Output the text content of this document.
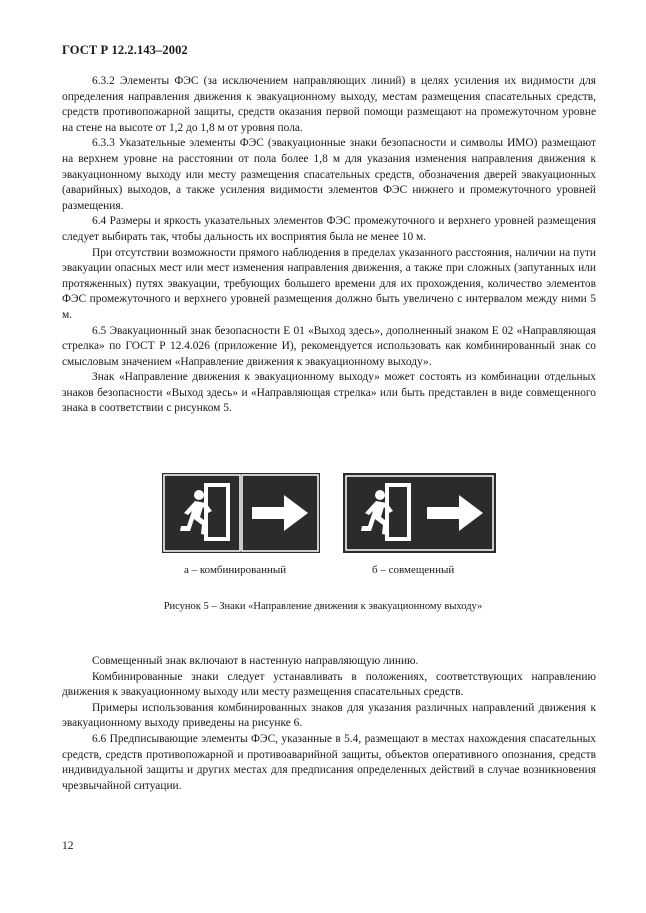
ГОСТ Р 12.2.143–2002

6.3.2 Элементы ФЭС (за исключением направляющих линий) в целях усиления их видимости для определения направления движения к эвакуационному выходу, местам размещения спасательных средств, средств противопожарной защиты, средств оказания первой помощи размещают на промежуточном уровне на стене на высоте от 1,2 до 1,8 м от уровня пола.

6.3.3 Указательные элементы ФЭС (эвакуационные знаки безопасности и символы ИМО) размещают на верхнем уровне на расстоянии от пола более 1,8 м для указания изменения направления движения к эвакуационному выходу или месту размещения спасательных средств, обозначения дверей эвакуационных (аварийных) выходов, а также усиления видимости элементов ФЭС нижнего и промежуточного уровней размещения.

6.4 Размеры и яркость указательных элементов ФЭС промежуточного и верхнего уровней размещения следует выбирать так, чтобы дальность их восприятия была не менее 10 м.

При отсутствии возможности прямого наблюдения в пределах указанного расстояния, наличии на пути эвакуации опасных мест или мест изменения направления движения, а также при сложных (запутанных или протяженных) путях эвакуации, требующих большего времени для их прохождения, количество элементов ФЭС промежуточного и верхнего уровней размещения должно быть увеличено с интервалом между ними 5 м.

6.5 Эвакуационный знак безопасности Е 01 «Выход здесь», дополненный знаком Е 02 «Направляющая стрелка» по ГОСТ Р 12.4.026 (приложение И), рекомендуется использовать как комбинированный знак со смысловым значением «Направление движения к эвакуационному выходу».

Знак «Направление движения к эвакуационному выходу» может состоять из комбинации отдельных знаков безопасности «Выход здесь» и «Направляющая стрелка» или быть представлен в виде совмещенного знака в соответствии с рисунком 5.

а – комбинированный	б – совмещенный
Рисунок 5 – Знаки «Направление движения к эвакуационному выходу»

Совмещенный знак включают в настенную направляющую линию.

Комбинированные знаки следует устанавливать в положениях, соответствующих направлению движения к эвакуационному выходу или месту размещения спасательных средств.

Примеры использования комбинированных знаков для указания различных направлений движения к эвакуационному выходу приведены на рисунке 6.

6.6 Предписывающие элементы ФЭС, указанные в 5.4, размещают в местах нахождения спасательных средств, средств противопожарной и противоаварийной защиты, объектов оперативного опознания, средств индивидуальной защиты и других местах для предписания определенных действий в случае возникновения чрезвычайной ситуации.

12
